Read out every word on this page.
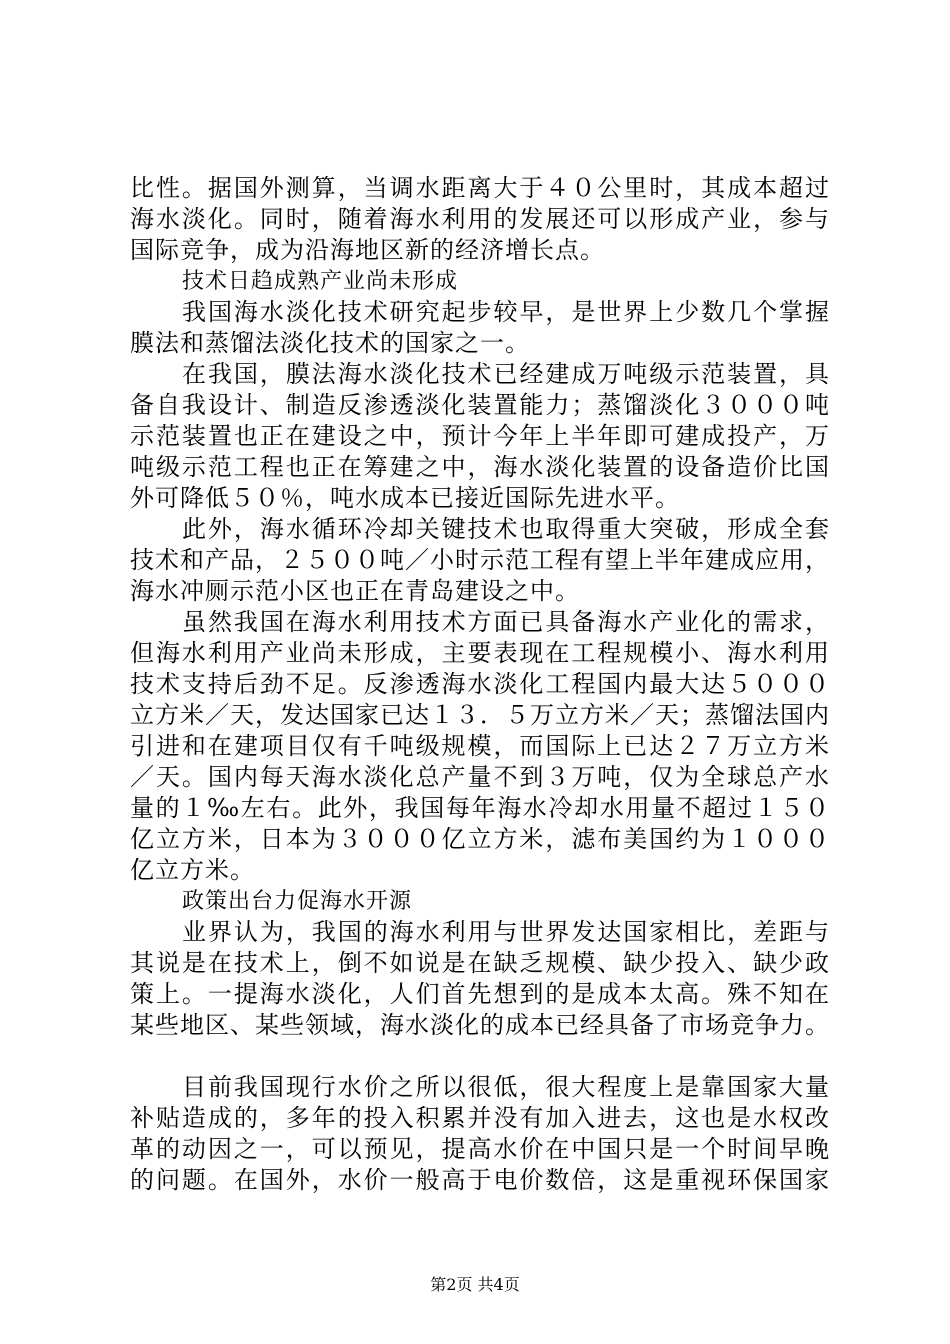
比性。据国外测算，当调水距离大于４０公里时，其成本超过
海水淡化。同时，随着海水利用的发展还可以形成产业，参与
国际竞争，成为沿海地区新的经济增长点。
技术日趋成熟产业尚未形成
我国海水淡化技术研究起步较早，是世界上少数几个掌握
膜法和蒸馏法淡化技术的国家之一。
在我国，膜法海水淡化技术已经建成万吨级示范装置，具
备自我设计、制造反渗透淡化装置能力；蒸馏淡化３０００吨
示范装置也正在建设之中，预计今年上半年即可建成投产，万
吨级示范工程也正在筹建之中，海水淡化装置的设备造价比国
外可降低５０％，吨水成本已接近国际先进水平。
此外，海水循环冷却关键技术也取得重大突破，形成全套
技术和产品，２５００吨／小时示范工程有望上半年建成应用，
海水冲厕示范小区也正在青岛建设之中。
虽然我国在海水利用技术方面已具备海水产业化的需求，
但海水利用产业尚未形成，主要表现在工程规模小、海水利用
技术支持后劲不足。反渗透海水淡化工程国内最大达５０００
立方米／天，发达国家已达１３．５万立方米／天；蒸馏法国内
引进和在建项目仅有千吨级规模，而国际上已达２７万立方米
／天。国内每天海水淡化总产量不到３万吨，仅为全球总产水
量的１‰左右。此外，我国每年海水冷却水用量不超过１５０
亿立方米，日本为３０００亿立方米，滤布美国约为１０００
亿立方米。
政策出台力促海水开源
业界认为，我国的海水利用与世界发达国家相比，差距与
其说是在技术上，倒不如说是在缺乏规模、缺少投入、缺少政
策上。一提海水淡化，人们首先想到的是成本太高。殊不知在
某些地区、某些领域，海水淡化的成本已经具备了市场竞争力。
目前我国现行水价之所以很低，很大程度上是靠国家大量
补贴造成的，多年的投入积累并没有加入进去，这也是水权改
革的动因之一，可以预见，提高水价在中国只是一个时间早晚
的问题。在国外，水价一般高于电价数倍，这是重视环保国家
第2页 共4页
